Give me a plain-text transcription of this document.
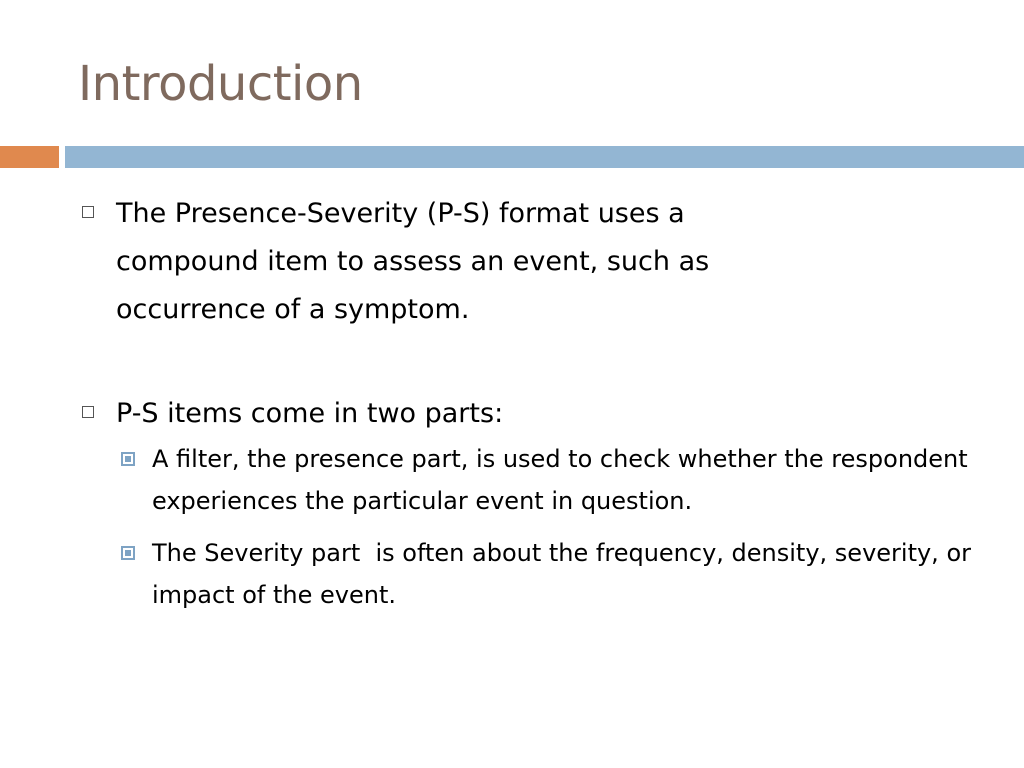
Introduction
The Presence-Severity (P-S) format uses a compound item to assess an event, such as occurrence of a symptom.
P-S items come in two parts:
A filter, the presence part, is used to check whether the respondent experiences the particular event in question.
The Severity part  is often about the frequency, density, severity, or impact of the event.
